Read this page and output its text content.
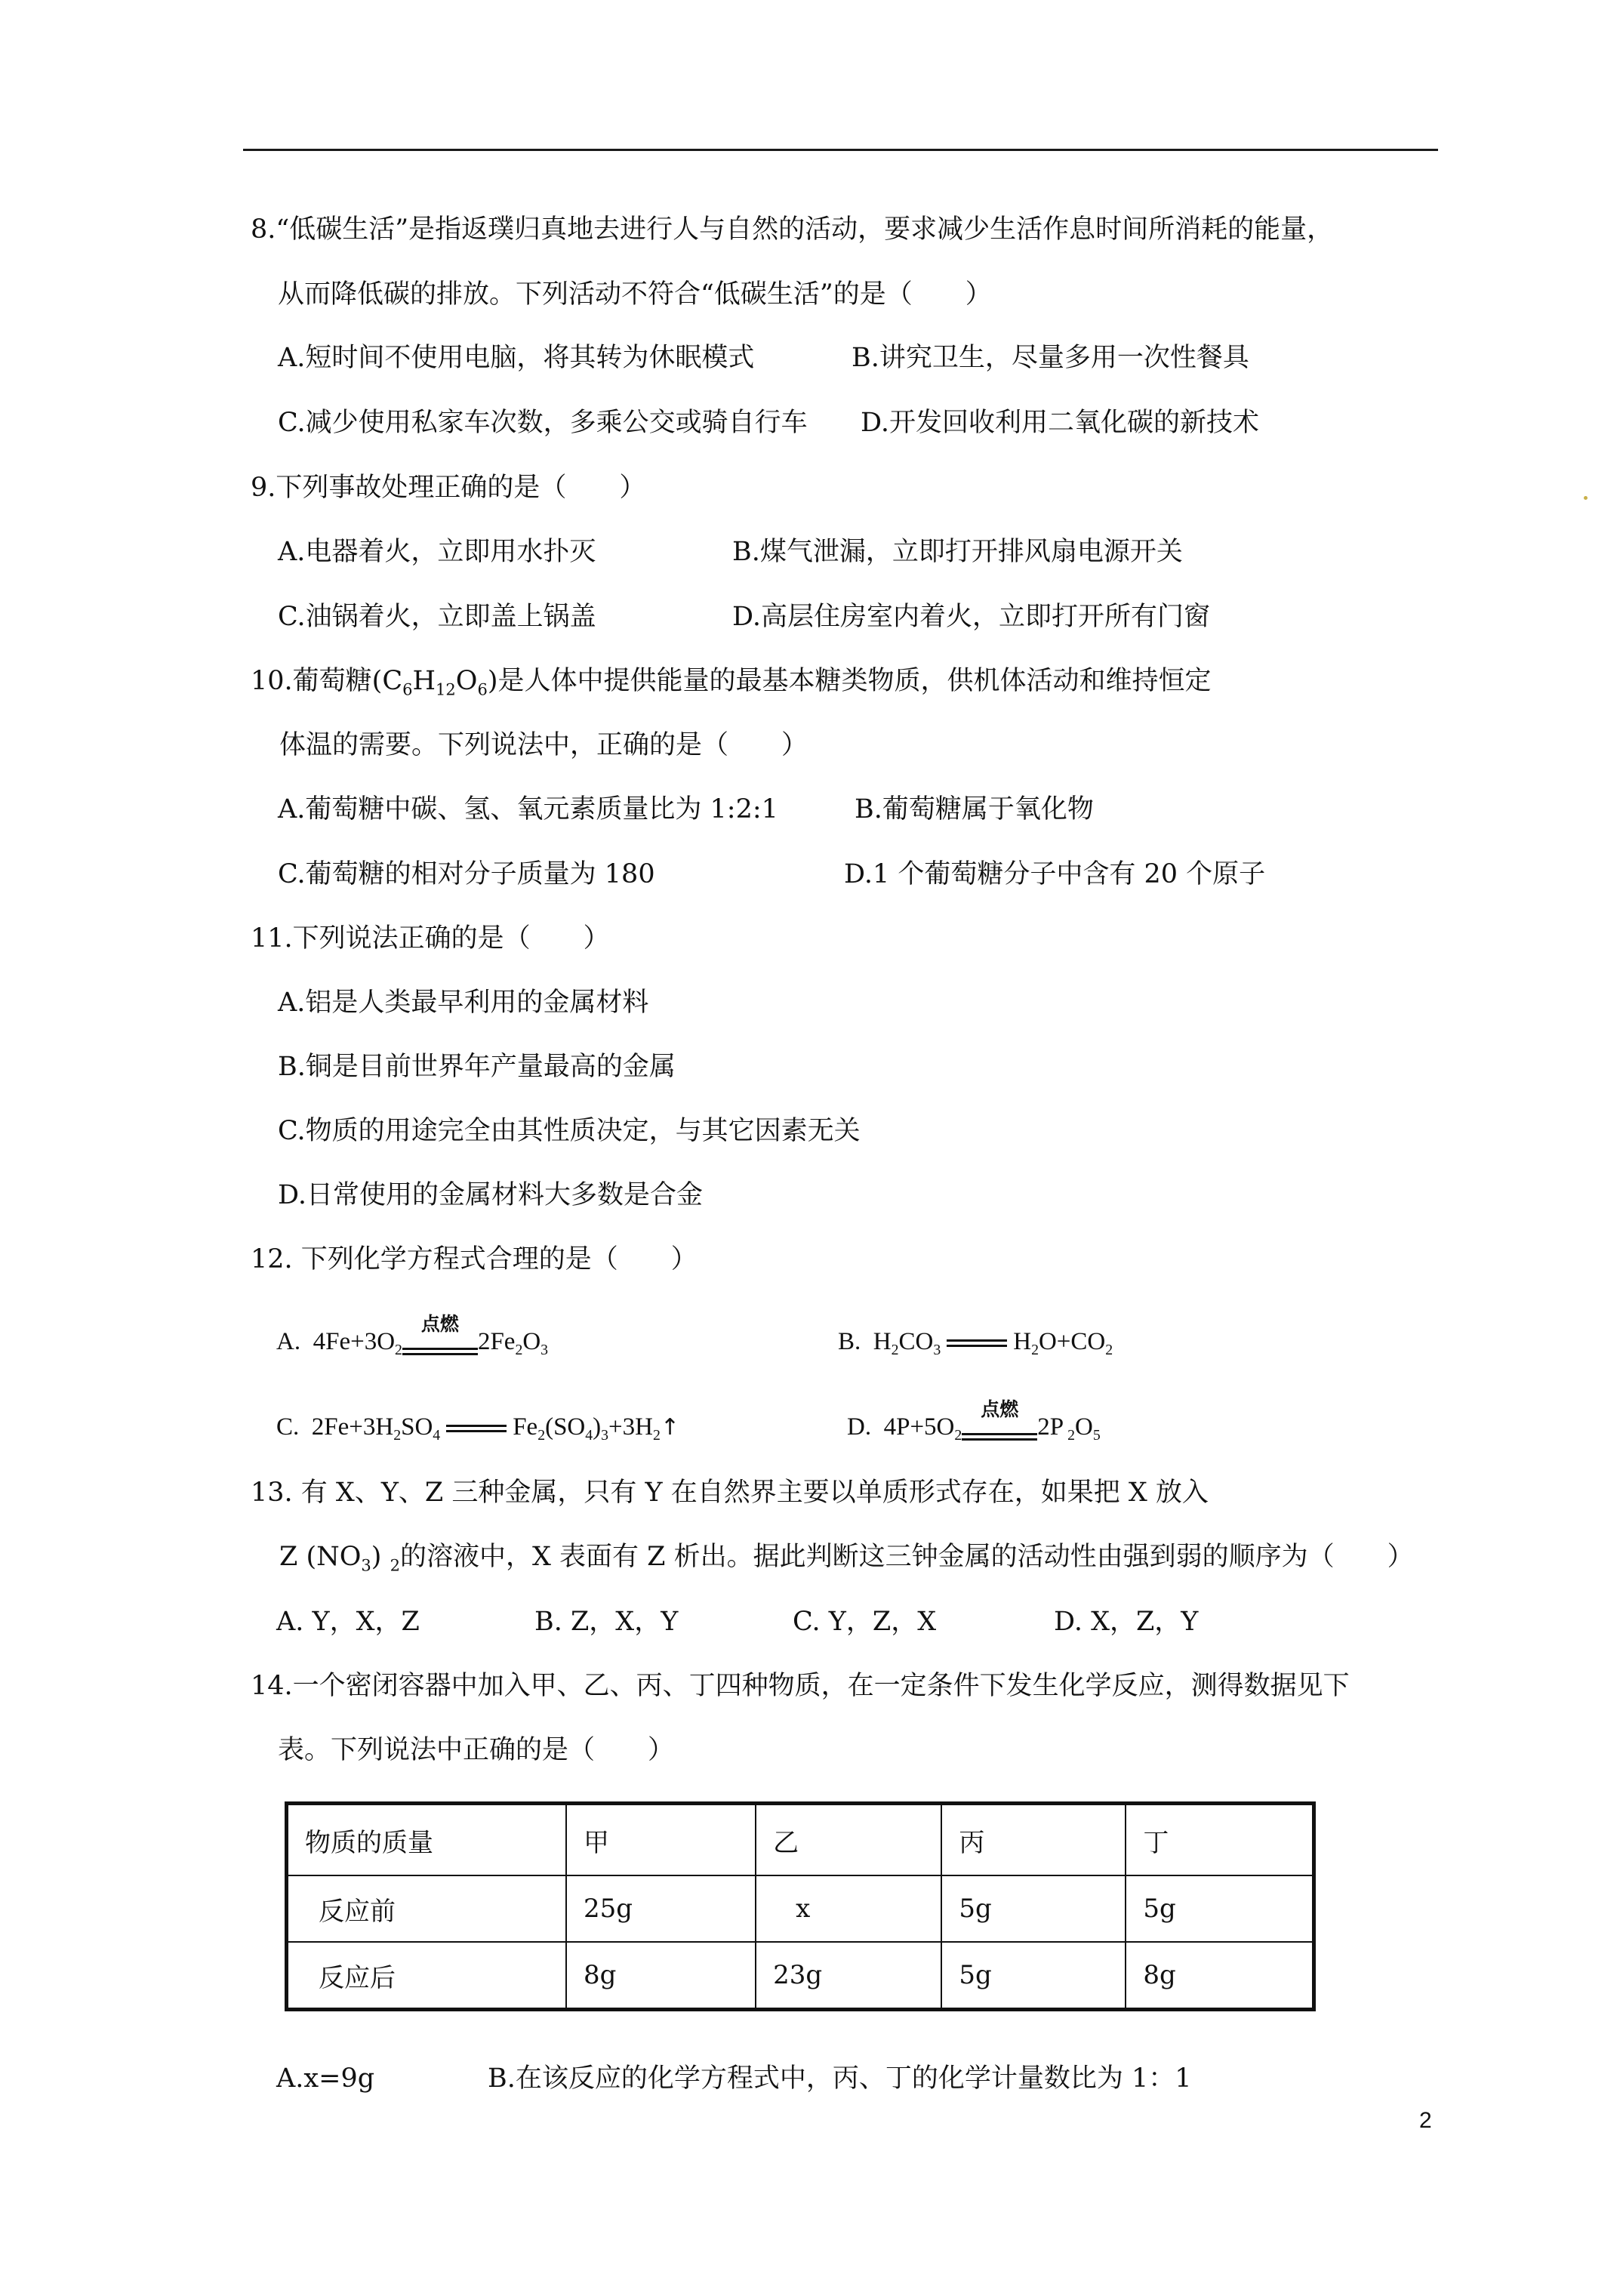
8.“低碳生活”是指返璞归真地去进行人与自然的活动，要求减少生活作息时间所消耗的能量，
从而降低碳的排放。下列活动不符合“低碳生活”的是（　　）
A.短时间不使用电脑，将其转为休眠模式	B.讲究卫生，尽量多用一次性餐具
C.减少使用私家车次数，多乘公交或骑自行车 D.开发回收利用二氧化碳的新技术
9.下列事故处理正确的是（　　）
A.电器着火，立即用水扑灭	B.煤气泄漏，立即打开排风扇电源开关
C.油锅着火，立即盖上锅盖	D.高层住房室内着火，立即打开所有门窗
10.葡萄糖$(C_6H_{12}O_6)$是人体中提供能量的最基本糖类物质，供机体活动和维持恒定
体温的需要。下列说法中，正确的是（　　）
A.葡萄糖中碳、氢、氧元素质量比为 1:2:1	B.葡萄糖属于氧化物
C.葡萄糖的相对分子质量为 180	D.1 个葡萄糖分子中含有 20 个原子
11.下列说法正确的是（　　）
A.铝是人类最早利用的金属材料
B.铜是目前世界年产量最高的金属
C.物质的用途完全由其性质决定，与其它因素无关
D.日常使用的金属材料大多数是合金
12. 下列化学方程式合理的是（　　）
A.  $4Fe+3O_2$
点燃
$2Fe_2O_3$	B.  $H_2CO_3$	$H_2O+CO_2$
C.  $2Fe+3H_2SO_4$	$Fe_2(SO_4)_3+3H_2↑$	D.  $4P+5O_2$
点燃
2P $_2O_5$
13. 有 X、Y、Z 三种金属，只有 Y 在自然界主要以单质形式存在，如果把 X 放入
Z $(NO_3)$ $_2$的溶液中，X 表面有 Z 析出。据此判断这三钟金属的活动性由强到弱的顺序为（　　）
A. Y，X，Z	B. Z，X，Y	C. Y，Z，X	D. X，Z，Y
14.一个密闭容器中加入甲、乙、丙、丁四种物质，在一定条件下发生化学反应，测得数据见下
表。下列说法中正确的是（　　）
物质的质量	甲	乙	丙	丁
反应前	25g	x	5g	5g
反应后	8g	23g	5g	8g
A.x=9g	B.在该反应的化学方程式中，丙、丁的化学计量数比为 1：1
2
